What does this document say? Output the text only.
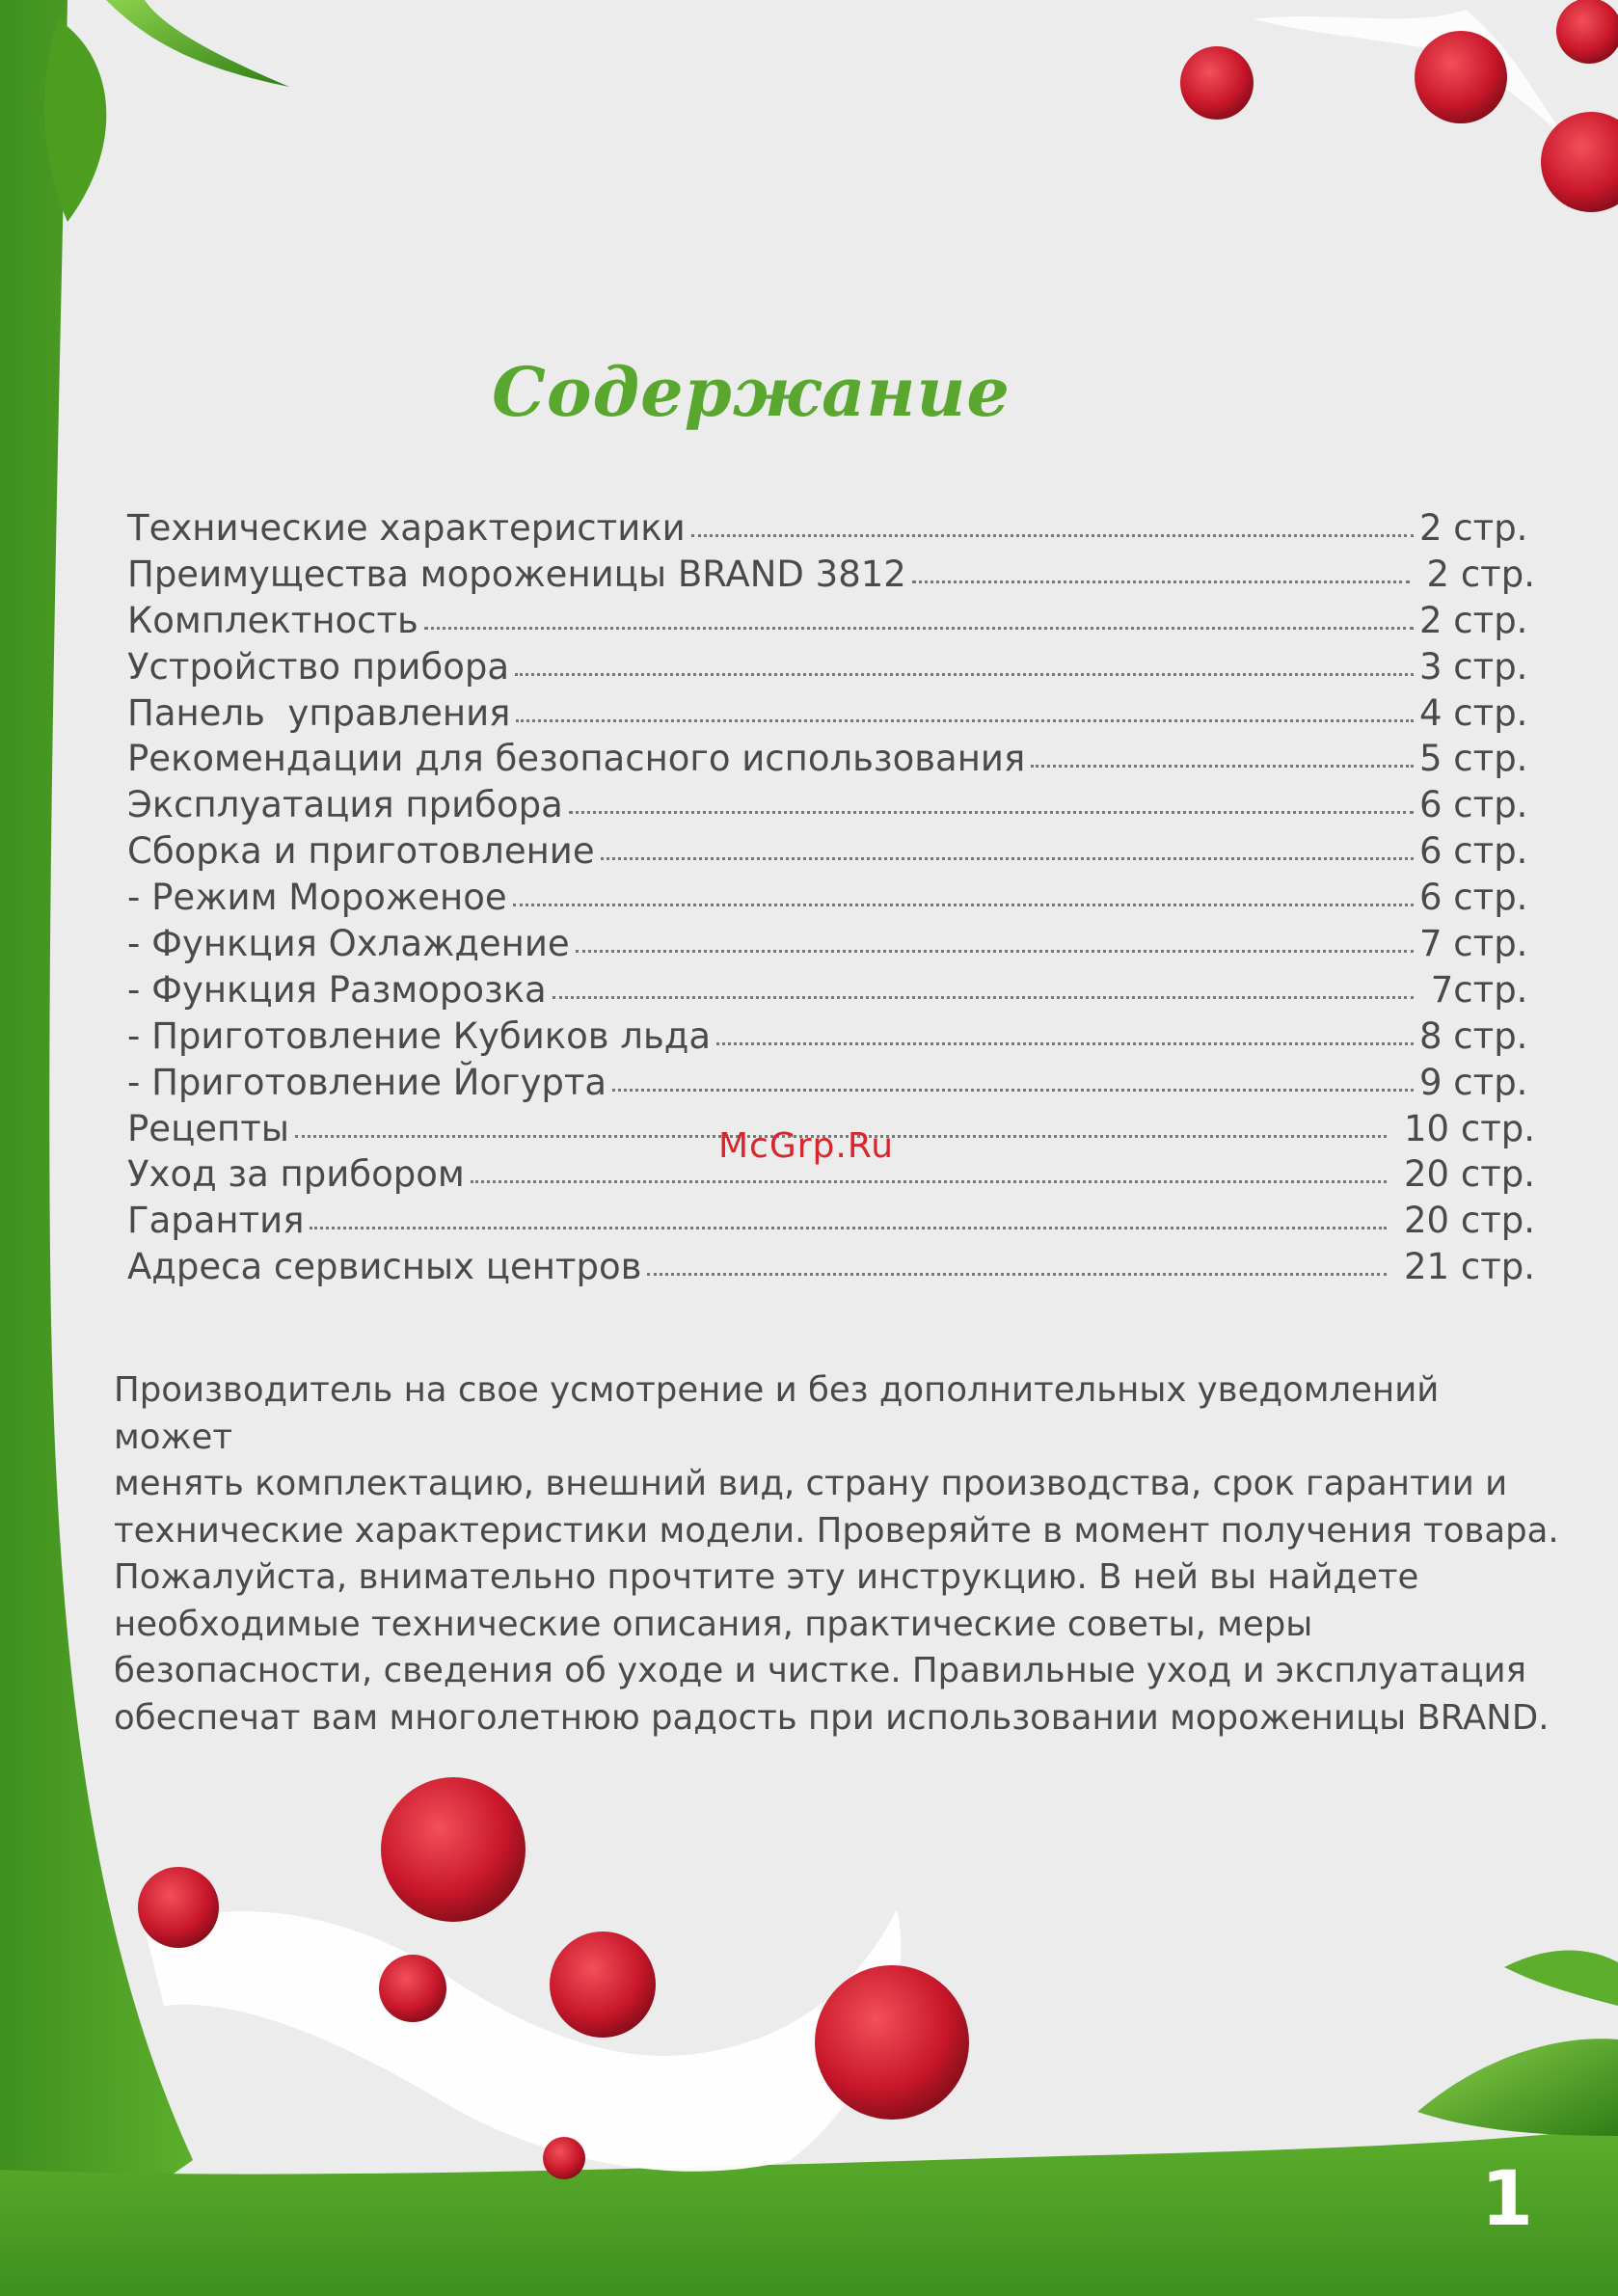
Содержание
Технические характеристики	2 стр.
Преимущества мороженицы BRAND 3812	2 стр.
Комплектность	2 стр.
Устройство прибора	3 стр.
Панель  управления	4 стр.
Рекомендации для безопасного использования	5 стр.
Эксплуатация прибора	6 стр.
Сборка и приготовление	6 стр.
- Режим Мороженое	6 стр.
- Функция Охлаждение	7 стр.
- Функция Разморозка	7стр.
- Приготовление Кубиков льда	8 стр.
- Приготовление Йогурта	9 стр.
Рецепты	10 стр.
Уход за прибором	20 стр.
Гарантия	20 стр.
Адреса сервисных центров	21 стр.

Производитель на свое усмотрение и без дополнительных уведомлений может
менять комплектацию, внешний вид, страну производства, срок гарантии и
технические характеристики модели. Проверяйте в момент получения товара.
Пожалуйста, внимательно прочтите эту инструкцию. В ней вы найдете
необходимые технические описания, практические советы, меры
безопасности, сведения об уходе и чистке. Правильные уход и эксплуатация
обеспечат вам многолетнюю радость при использовании мороженицы BRAND.

McGrp.Ru
1
